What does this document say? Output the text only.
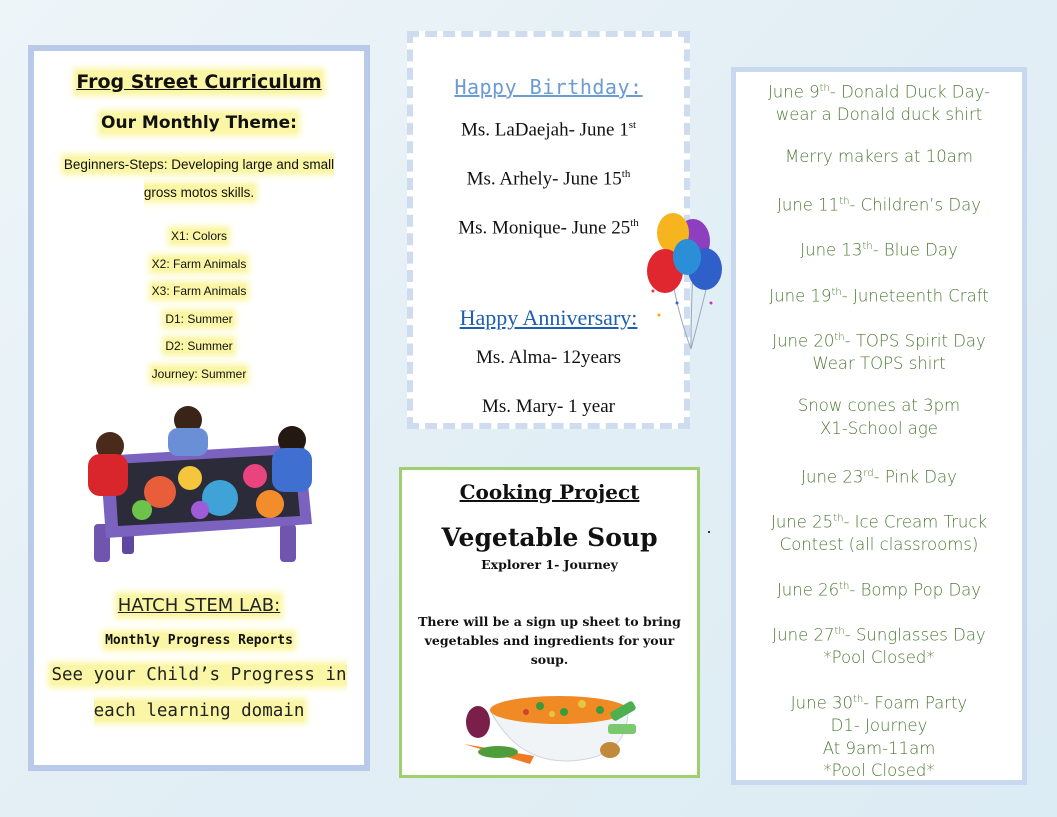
Frog Street Curriculum
Our Monthly Theme:
Beginners-Steps: Developing large and small gross motos skills.
X1: Colors
X2: Farm Animals
X3: Farm Animals
D1: Summer
D2: Summer
Journey: Summer
HATCH STEM LAB:
Monthly Progress Reports
See your Child’s Progress in each learning domain
Happy Birthday:
Ms. LaDaejah- June 1st
Ms. Arhely- June 15th
Ms. Monique- June 25th
Happy Anniversary:
Ms. Alma- 12years
Ms. Mary- 1 year
Cooking Project
Vegetable Soup
Explorer 1- Journey
There will be a sign up sheet to bring vegetables and ingredients for your soup.
June 9th- Donald Duck Day-
wear a Donald duck shirt
Merry makers at 10am
June 11th- Children’s Day
June 13th- Blue Day
June 19th- Juneteenth Craft
June 20th- TOPS Spirit Day
Wear TOPS shirt
Snow cones at 3pm
X1-School age
June 23rd- Pink Day
June 25th- Ice Cream Truck
Contest (all classrooms)
June 26th- Bomp Pop Day
June 27th- Sunglasses Day
*Pool Closed*
June 30th- Foam Party
D1- Journey
At 9am-11am
*Pool Closed*
